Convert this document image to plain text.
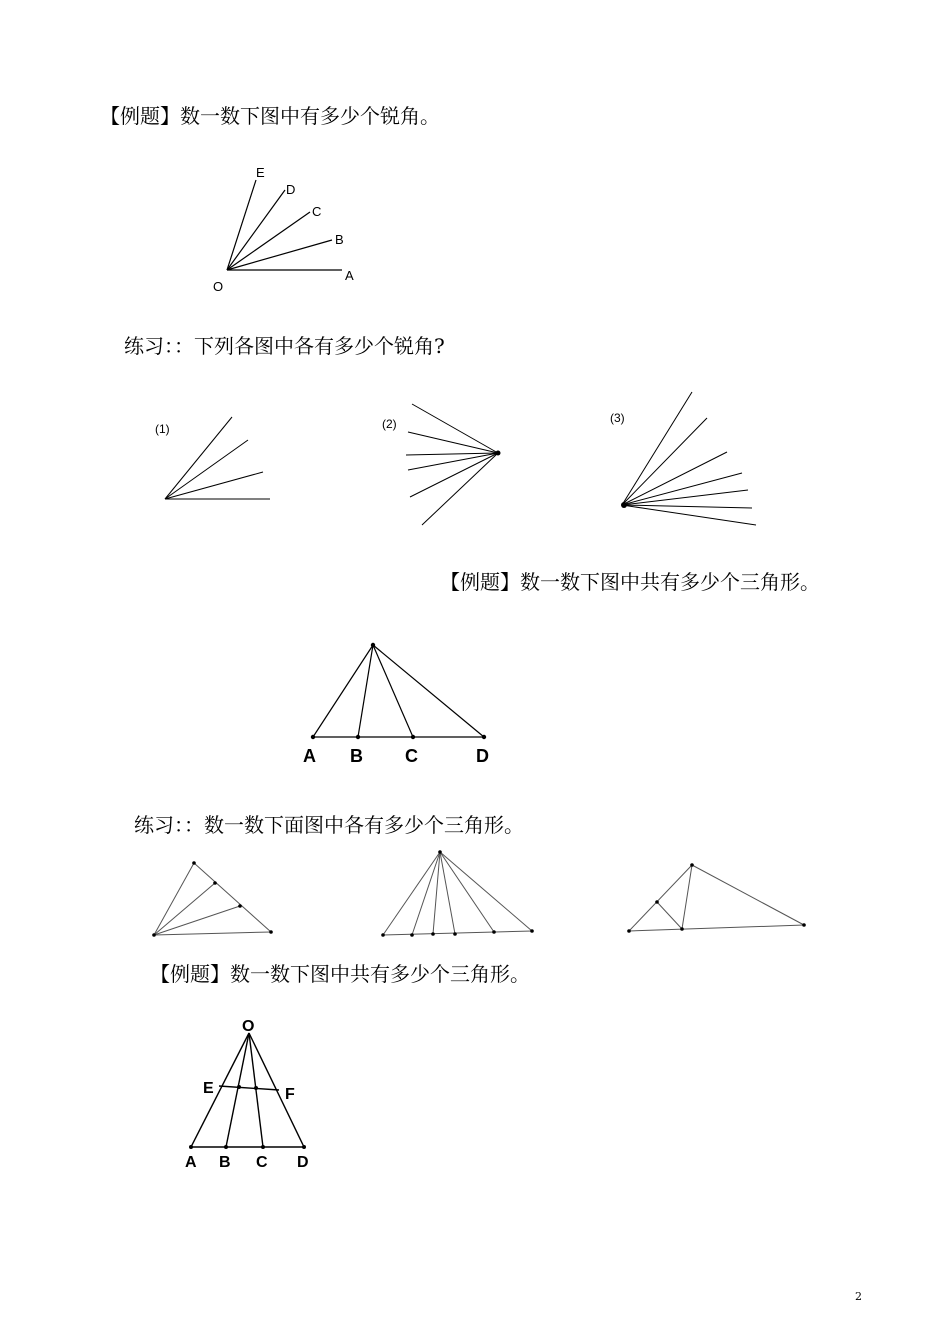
【例题】数一数下图中有多少个锐角。
练习：：下列各图中各有多少个锐角?
【例题】数一数下图中共有多少个三角形。
练习：：数一数下面图中各有多少个三角形。
【例题】数一数下图中共有多少个三角形。
O
A
B
C
D
E
(1)	(2)	(3)
A B C	D
O
E	F
A B C D
2
